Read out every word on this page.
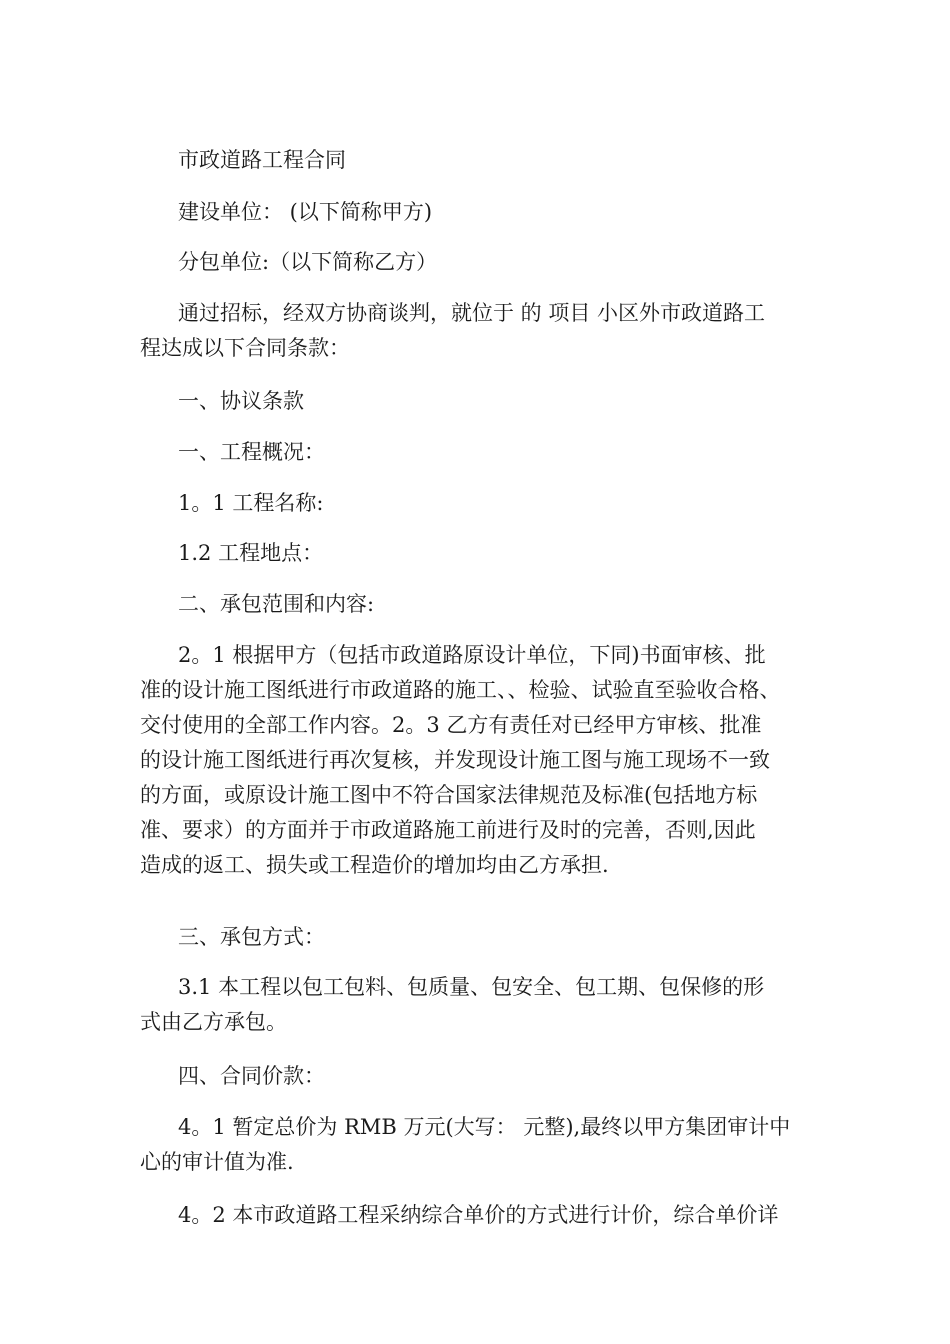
市政道路工程合同

建设单位： (以下简称甲方)

分包单位:（以下简称乙方）

通过招标，经双方协商谈判，就位于 的 项目 小区外市政道路工
程达成以下合同条款：

一、协议条款

一、工程概况：

1。1 工程名称:

1.2 工程地点：

二、承包范围和内容:

2。1 根据甲方（包括市政道路原设计单位，下同)书面审核、批
准的设计施工图纸进行市政道路的施工、、检验、试验直至验收合格、
交付使用的全部工作内容。2。3 乙方有责任对已经甲方审核、批准
的设计施工图纸进行再次复核，并发现设计施工图与施工现场不一致
的方面，或原设计施工图中不符合国家法律规范及标准(包括地方标
准、要求）的方面并于市政道路施工前进行及时的完善，否则,因此
造成的返工、损失或工程造价的增加均由乙方承担.

三、承包方式：

3.1 本工程以包工包料、包质量、包安全、包工期、包保修的形
式由乙方承包。

四、合同价款：

4。1 暂定总价为 RMB 万元(大写： 元整),最终以甲方集团审计中
心的审计值为准.

4。2 本市政道路工程采纳综合单价的方式进行计价，综合单价详
